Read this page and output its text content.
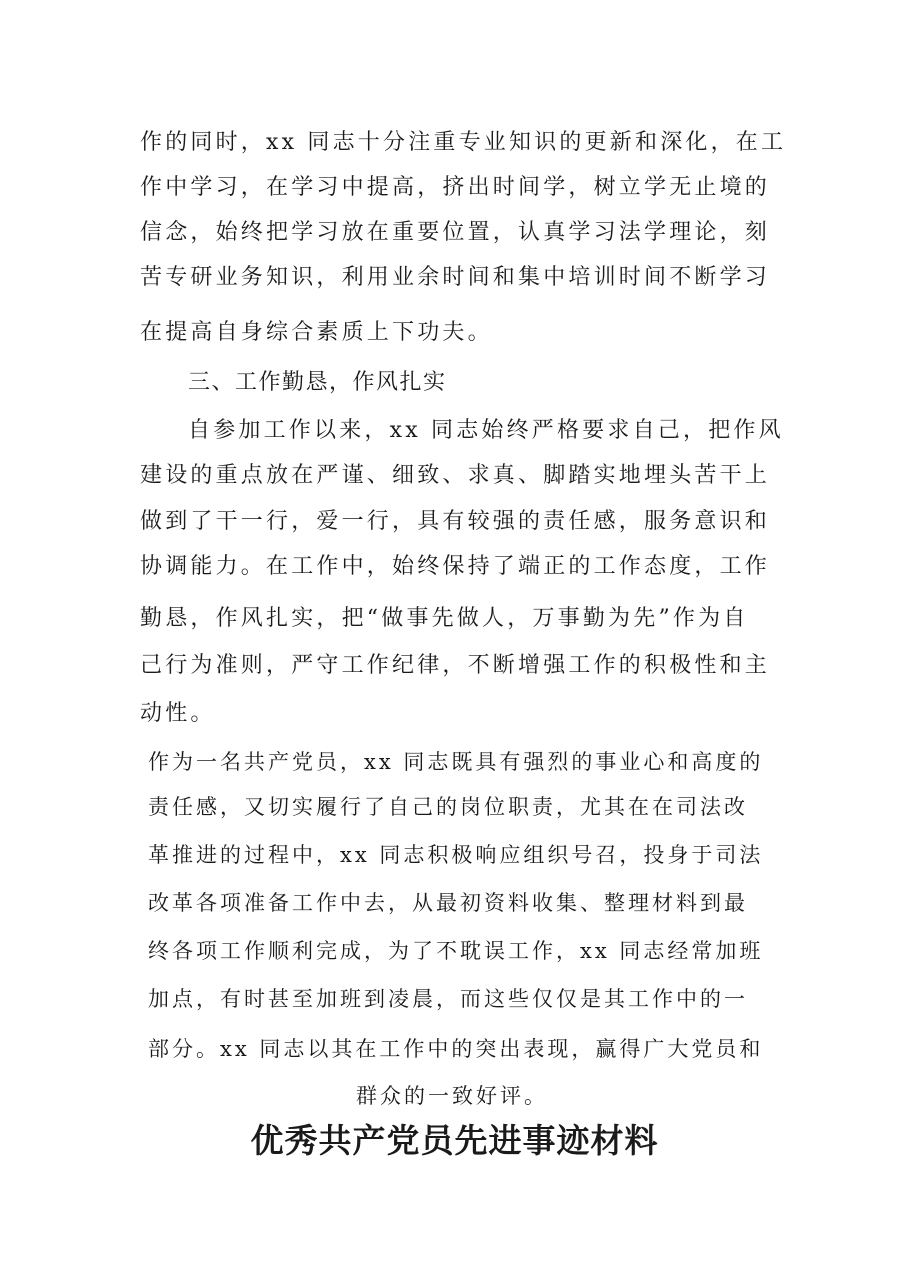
作的同时，xx 同志十分注重专业知识的更新和深化，在工
作中学习，在学习中提高，挤出时间学，树立学无止境的
信念，始终把学习放在重要位置，认真学习法学理论，刻
苦专研业务知识，利用业余时间和集中培训时间不断学习
在提高自身综合素质上下功夫。
三、工作勤恳，作风扎实
自参加工作以来，xx 同志始终严格要求自己，把作风
建设的重点放在严谨、细致、求真、脚踏实地埋头苦干上
做到了干一行，爱一行，具有较强的责任感，服务意识和
协调能力。在工作中，始终保持了端正的工作态度，工作
勤恳，作风扎实，把“做事先做人，万事勤为先”作为自
己行为准则，严守工作纪律，不断增强工作的积极性和主
动性。
作为一名共产党员，xx 同志既具有强烈的事业心和高度的
责任感，又切实履行了自己的岗位职责，尤其在在司法改
革推进的过程中，xx 同志积极响应组织号召，投身于司法
改革各项准备工作中去，从最初资料收集、整理材料到最
终各项工作顺利完成，为了不耽误工作，xx 同志经常加班
加点，有时甚至加班到凌晨，而这些仅仅是其工作中的一
部分。xx 同志以其在工作中的突出表现，赢得广大党员和
群众的一致好评。
优秀共产党员先进事迹材料
